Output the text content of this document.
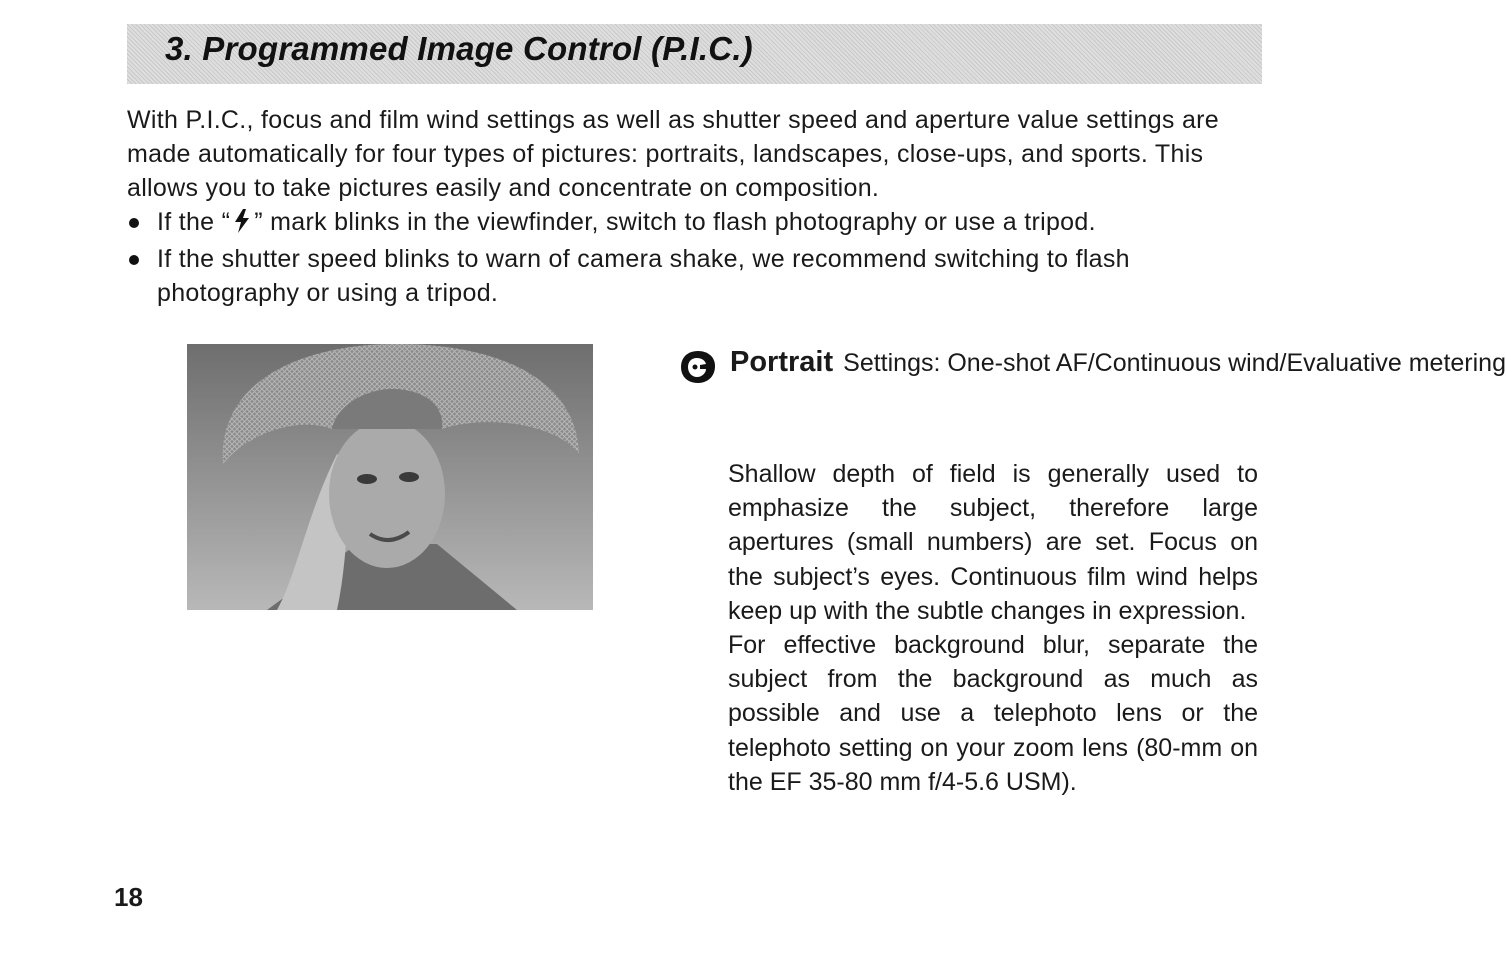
3. Programmed Image Control (P.I.C.)

With P.I.C., focus and film wind settings as well as shutter speed and aperture value settings are made automatically for four types of pictures: portraits, landscapes, close-ups, and sports. This allows you to take pictures easily and concentrate on composition.

If the “ ” mark blinks in the viewfinder, switch to flash photography or use a tripod.
If the shutter speed blinks to warn of camera shake, we recommend switching to flash photography or using a tripod.
Portrait Settings: One-shot AF/Continuous wind/Evaluative metering

Shallow depth of field is generally used to emphasize the subject, therefore large apertures (small numbers) are set. Focus on the subject’s eyes. Continuous film wind helps keep up with the subtle changes in expression.

For effective background blur, separate the subject from the background as much as possible and use a telephoto lens or the telephoto setting on your zoom lens (80-mm on the EF 35-80 mm f/4-5.6 USM).

18
